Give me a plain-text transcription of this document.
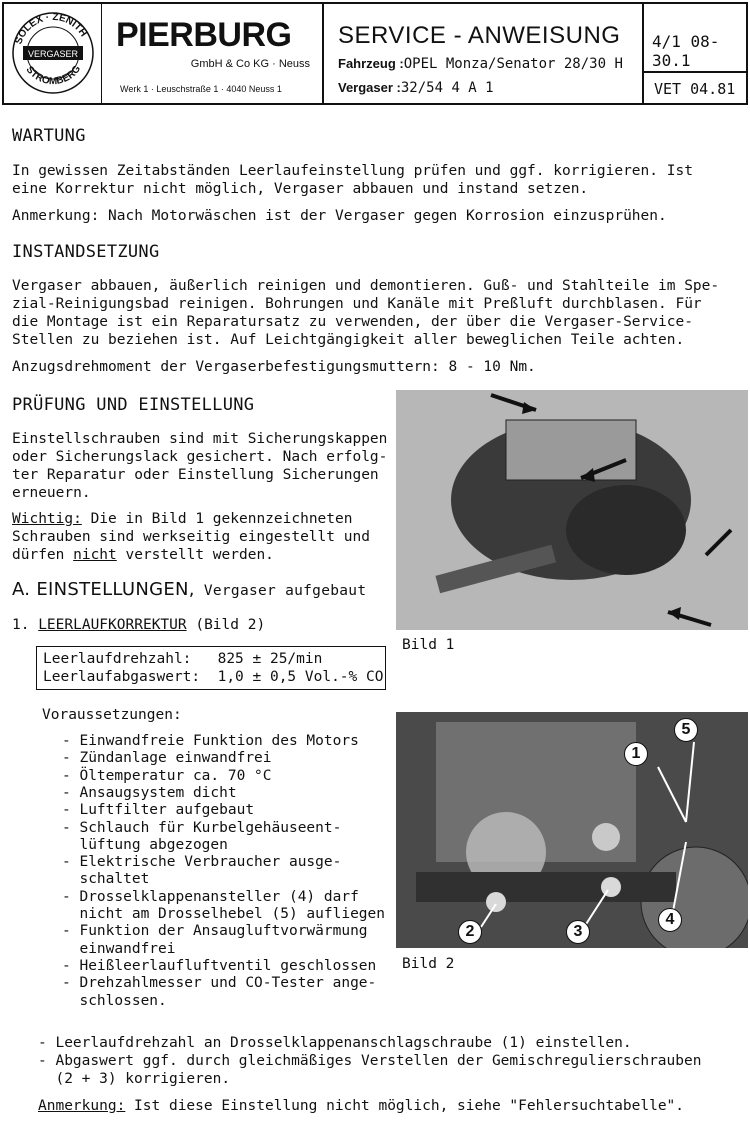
SOLEX · ZENITH
STROMBERG
VERGASER PIERBURG
GmbH & Co KG · Neuss
Werk 1 · Leuschstraße 1 · 4040 Neuss 1
SERVICE - ANWEISUNG
Fahrzeug :OPEL Monza/Senator 28/30 H
Vergaser :32/54 4 A 1
4/1 08-30.1
VET 04.81
WARTUNG
In gewissen Zeitabständen Leerlaufeinstellung prüfen und ggf. korrigieren. Ist
eine Korrektur nicht möglich, Vergaser abbauen und instand setzen.
Anmerkung: Nach Motorwäschen ist der Vergaser gegen Korrosion einzusprühen.
INSTANDSETZUNG
Vergaser abbauen, äußerlich reinigen und demontieren. Guß- und Stahlteile im Spe-
zial-Reinigungsbad reinigen. Bohrungen und Kanäle mit Preßluft durchblasen. Für
die Montage ist ein Reparatursatz zu verwenden, der über die Vergaser-Service-
Stellen zu beziehen ist. Auf Leichtgängigkeit aller beweglichen Teile achten.
Anzugsdrehmoment der Vergaserbefestigungsmuttern: 8 - 10 Nm.
PRÜFUNG UND EINSTELLUNG
Einstellschrauben sind mit Sicherungskappen
oder Sicherungslack gesichert. Nach erfolg-
ter Reparatur oder Einstellung Sicherungen
erneuern.
Wichtig: Die in Bild 1 gekennzeichneten
Schrauben sind werkseitig eingestellt und
dürfen nicht verstellt werden.
A. EINSTELLUNGEN, Vergaser aufgebaut
1. LEERLAUFKORREKTUR (Bild 2)
Leerlaufdrehzahl:   825 ± 25/min
Leerlaufabgaswert:  1,0 ± 0,5 Vol.-% CO
Voraussetzungen:
- Einwandfreie Funktion des Motors
- Zündanlage einwandfrei
- Öltemperatur ca. 70 °C
- Ansaugsystem dicht
- Luftfilter aufgebaut
- Schlauch für Kurbelgehäuseent-
lüftung abgezogen
- Elektrische Verbraucher ausge-
schaltet
- Drosselklappenansteller (4) darf
nicht am Drosselhebel (5) aufliegen
- Funktion der Ansaugluftvorwärmung
einwandfrei
- Heißleerlaufluftventil geschlossen
- Drehzahlmesser und CO-Tester ange-
schlossen.
- Leerlaufdrehzahl an Drosselklappenanschlagschraube (1) einstellen.
- Abgaswert ggf. durch gleichmäßiges Verstellen der Gemischregulierschrauben
(2 + 3) korrigieren.
Anmerkung: Ist diese Einstellung nicht möglich, siehe "Fehlersuchtabelle".
Bild 1
1
5
2	3
4
Bild 2
